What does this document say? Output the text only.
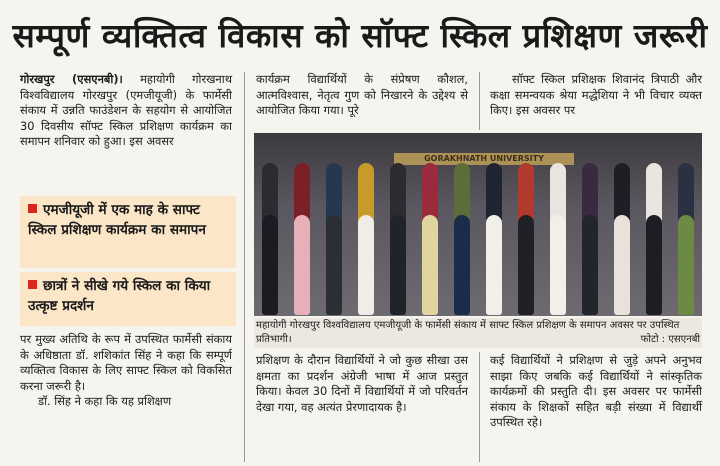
सम्पूर्ण व्यक्तित्व विकास को सॉफ्ट स्किल प्रशिक्षण जरूरी

गोरखपुर (एसएनबी)। महायोगी गोरखनाथ विश्वविद्यालय गोरखपुर (एमजीयूजी) के फार्मेसी संकाय में उन्नति फाउंडेशन के सहयोग से आयोजित 30 दिवसीय सॉफ्ट स्किल प्रशिक्षण कार्यक्रम का समापन शनिवार को हुआ। इस अवसर

एमजीयूजी में एक माह के साफ्ट स्किल प्रशिक्षण कार्यक्रम का समापन
छात्रों ने सीखे गये स्किल का किया उत्कृष्ट प्रदर्शन

पर मुख्य अतिथि के रूप में उपस्थित फार्मेसी संकाय के अधिष्ठाता डॉ. शशिकांत सिंह ने कहा कि सम्पूर्ण व्यक्तित्व विकास के लिए साफ्ट स्किल को विकसित करना जरूरी है।

डॉ. सिंह ने कहा कि यह प्रशिक्षण

कार्यक्रम विद्यार्थियों के संप्रेषण कौशल, आत्मविश्वास, नेतृत्व गुण को निखारने के उद्देश्य से आयोजित किया गया। पूरे

सॉफ्ट स्किल प्रशिक्षक शिवानंद त्रिपाठी और कक्षा समन्वयक श्रेया मद्धेशिया ने भी विचार व्यक्त किए। इस अवसर पर

GORAKHNATH UNIVERSITY
महायोगी गोरखपुर विश्वविद्यालय एमजीयूजी के फार्मेसी संकाय में साफ्ट स्किल प्रशिक्षण के समापन अवसर पर उपस्थित प्रतिभागी।	फोटो : एसएनबी

प्रशिक्षण के दौरान विद्यार्थियों ने जो कुछ सीखा उस क्षमता का प्रदर्शन अंग्रेजी भाषा में आज प्रस्तुत किया। केवल 30 दिनों में विद्यार्थियों में जो परिवर्तन देखा गया, वह अत्यंत प्रेरणादायक है।

कई विद्यार्थियों ने प्रशिक्षण से जुड़े अपने अनुभव साझा किए जबकि कई विद्यार्थियों ने सांस्कृतिक कार्यक्रमों की प्रस्तुति दी। इस अवसर पर फार्मेसी संकाय के शिक्षकों सहित बड़ी संख्या में विद्यार्थी उपस्थित रहे।
